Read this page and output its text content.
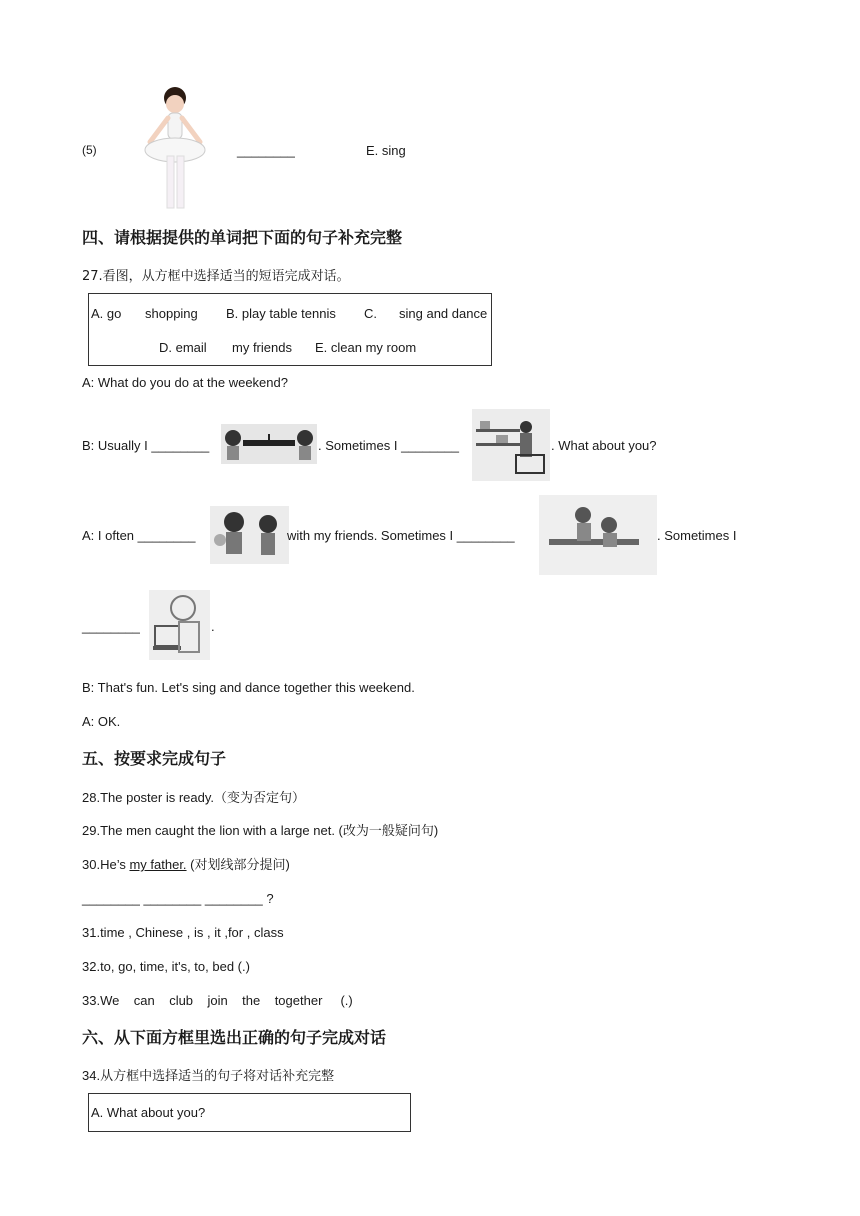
(5)	________	E. sing
四、请根据提供的单词把下面的句子补充完整
27.看图，从方框中选择适当的短语完成对话。
A. go shopping B. play table tennis C. sing and dance
D. email my friends E. clean my room
A: What do you do at the weekend?
B: Usually I ________	. Sometimes I ________	. What about you?
A: I often ________	with my friends. Sometimes I ________	. Sometimes I
________	.
B: That's fun. Let's sing and dance together this weekend.
A: OK.
五、按要求完成句子
28.The poster is ready.（变为否定句）
29.The men caught the lion with a large net. (改为一般疑问句)
30.He’s my father. (对划线部分提问)
________ ________ ________ ?
31.time , Chinese , is , it ,for , class
32.to, go, time, it's, to, bed (.)
33.We    can    club    join    the    together     (.)
六、从下面方框里选出正确的句子完成对话
34.从方框中选择适当的句子将对话补充完整
A. What about you?
